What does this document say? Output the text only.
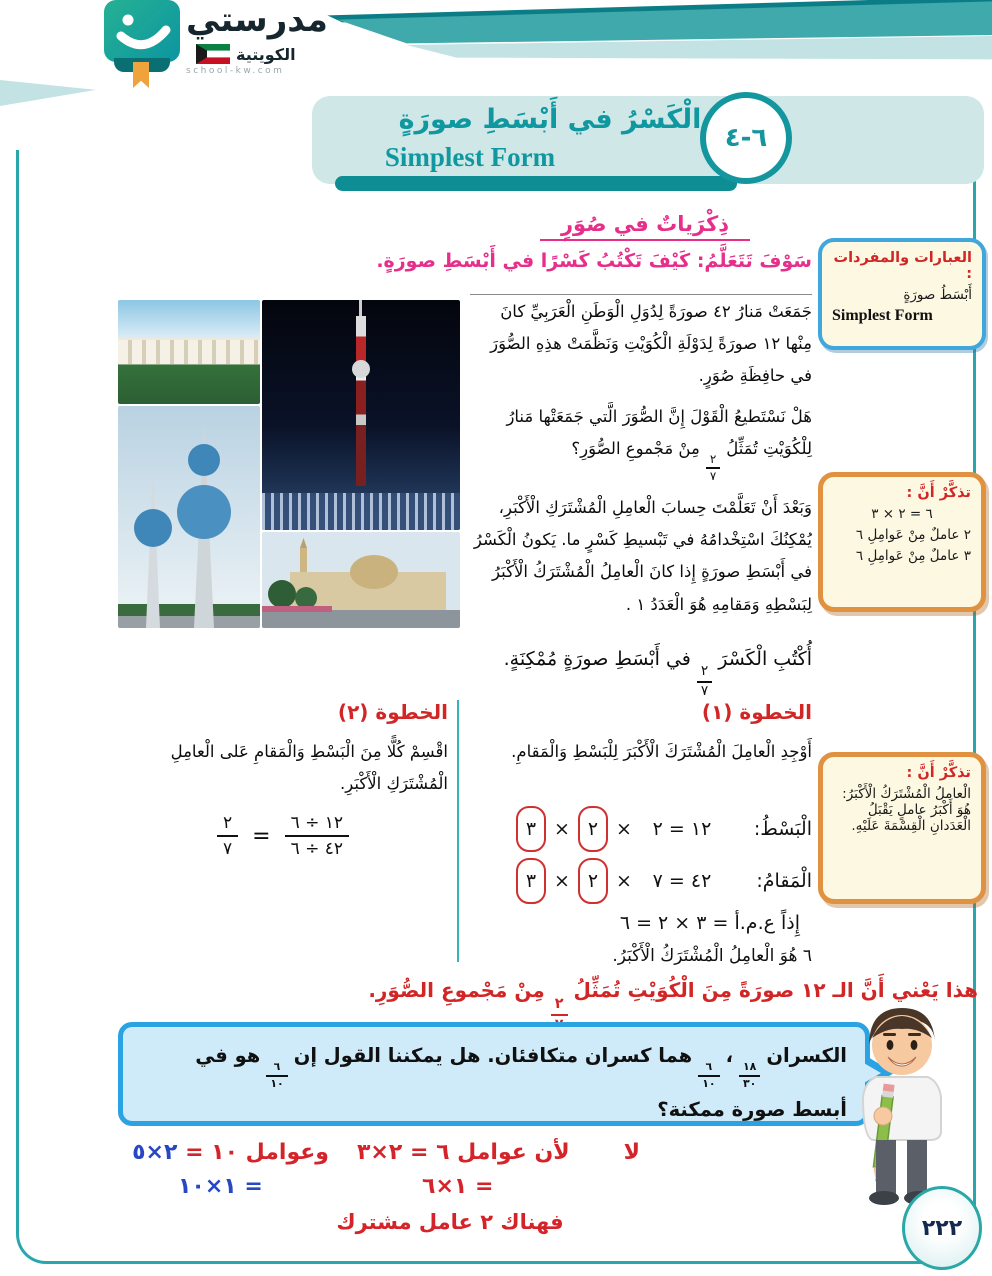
مدرستي
الكويتية
school-kw.com
٦-٤
الْكَسْرُ في أَبْسَطِ صورَةٍ
Simplest Form
ذِكْرَياتٌ في صُوَرٍ
سَوْفَ تَتَعَلَّمُ: كَيْفَ تَكْتُبُ كَسْرًا في أَبْسَطِ صورَةٍ. العبارات والمفردات :
أَبْسَطُ صورَةٍ
Simplest Form
تذكَّرْ أَنَّ :
٦ = ٢ × ٣
٢ عاملٌ مِنْ عَوامِلِ ٦
٣ عاملٌ مِنْ عَوامِلِ ٦
تذكَّرْ أَنَّ :
الْعاملُ الْمُشْتَرَكُ الْأَكْبَرُ: هُوَ أَكْبَرُ عاملٍ يَقْبَلُ الْعَدَدانِ الْقِسْمَةَ عَلَيْهِ.

جَمَعَتْ مَنارُ ٤٢ صورَةً لِدُوَلِ الْوَطَنِ الْعَرَبِيِّ كانَ مِنْها ١٢ صورَةً لِدَوْلَةِ الْكُوَيْتِ وَنَظَّمَتْ هذِهِ الصُّوَرَ في حافِظَةِ صُوَرٍ.

هَلْ نَسْتَطيعُ الْقَوْلَ إِنَّ الصُّوَرَ الَّتي جَمَعَتْها مَنارُ لِلْكُوَيْتِ تُمَثِّلُ
$\frac{٢}{٧}$
مِنْ مَجْموعِ الصُّوَرِ؟

وَبَعْدَ أَنْ تَعَلَّمْتَ حِسابَ الْعامِلِ الْمُشْتَرَكِ الْأَكْبَرِ، يُمْكِنُكَ اسْتِخْدامُهُ في تَبْسيطِ كَسْرٍ ما. يَكونُ الْكَسْرُ في أَبْسَطِ صورَةٍ إِذا كانَ الْعامِلُ الْمُشْتَرَكُ الْأَكْبَرُ لِبَسْطِهِ وَمَقامِهِ هُوَ الْعَدَدُ ١ .

أُكْتُبِ الْكَسْرَ
$\frac{٢}{٧}$
في أَبْسَطِ صورَةٍ مُمْكِنَةٍ.
الخطوة (١)
أَوْجِدِ الْعامِلَ الْمُشْتَرَكَ الْأَكْبَرَ لِلْبَسْطِ وَالْمَقامِ.
الْبَسْطُ:
١٢ = ٢
×
٢
×
٣
الْمَقامُ:
٤٢ = ٧
×
٢
×
٣
إِذاً ع.م.أ = ٣ × ٢ = ٦
٦ هُوَ الْعامِلُ الْمُشْتَرَكُ الْأَكْبَرُ.
الخطوة (٢)
اقْسِمْ كُلًّا مِنَ الْبَسْطِ وَالْمَقامِ عَلى الْعامِلِ الْمُشْتَرَكِ الْأَكْبَرِ.
١٢ ÷ ٦
٤٢ ÷ ٦
=
٢
٧
هذا يَعْني أَنَّ الـ ١٢ صورَةً مِنَ الْكُوَيْتِ تُمَثِّلُ
٢
مِنْ مَجْموعِ الصُّوَرِ.
الكسران
$\frac{١٨}{٣٠}$
،
$\frac{٦}{١٠}$
هما كسران متكافئان. هل يمكننا القول إن
$\frac{٦}{١٠}$
هو في أبسط صورة ممكنة؟
لا
لأن عوامل ٦ = ٢×٣
وعوامل ١٠ = ٢×٥
= ١×٦
= ١×١٠
فهناك ٢ عامل مشترك	٢٢٢
